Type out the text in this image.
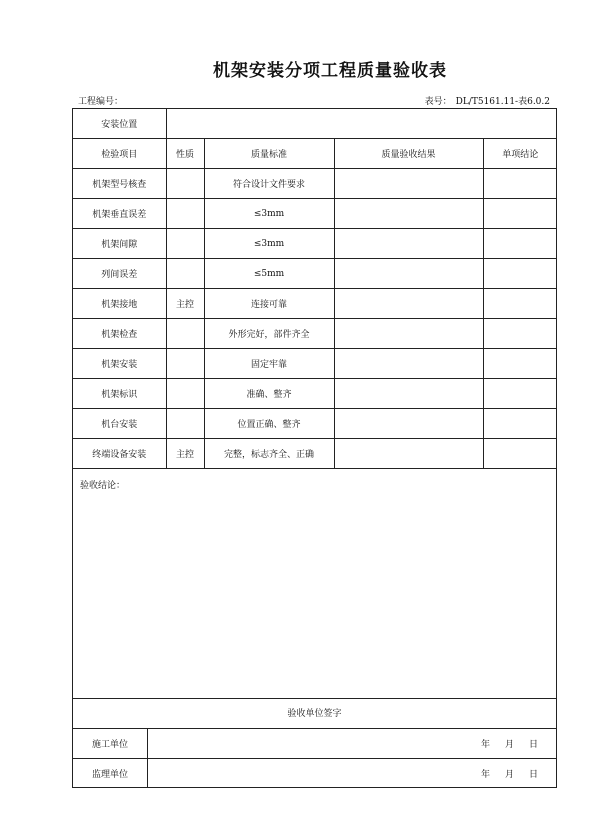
机架安装分项工程质量验收表
工程编号：	表号： DL/T5161.11-表6.0.2
安装位置				
检验项目	性质	质量标准	质量验收结果	单项结论
机架型号核查		符合设计文件要求		
机架垂直误差		≤3mm		
机架间隙		≤3mm		
列间误差		≤5mm		
机架接地	主控	连接可靠		
机架检查		外形完好，部件齐全		
机架安装		固定牢靠		
机架标识		准确、整齐		
机台安装		位置正确、整齐		
终端设备安装	主控	完整，标志齐全、正确		
验收结论：
验收单位签字
施工单位	年 月 日
监理单位	年 月 日
